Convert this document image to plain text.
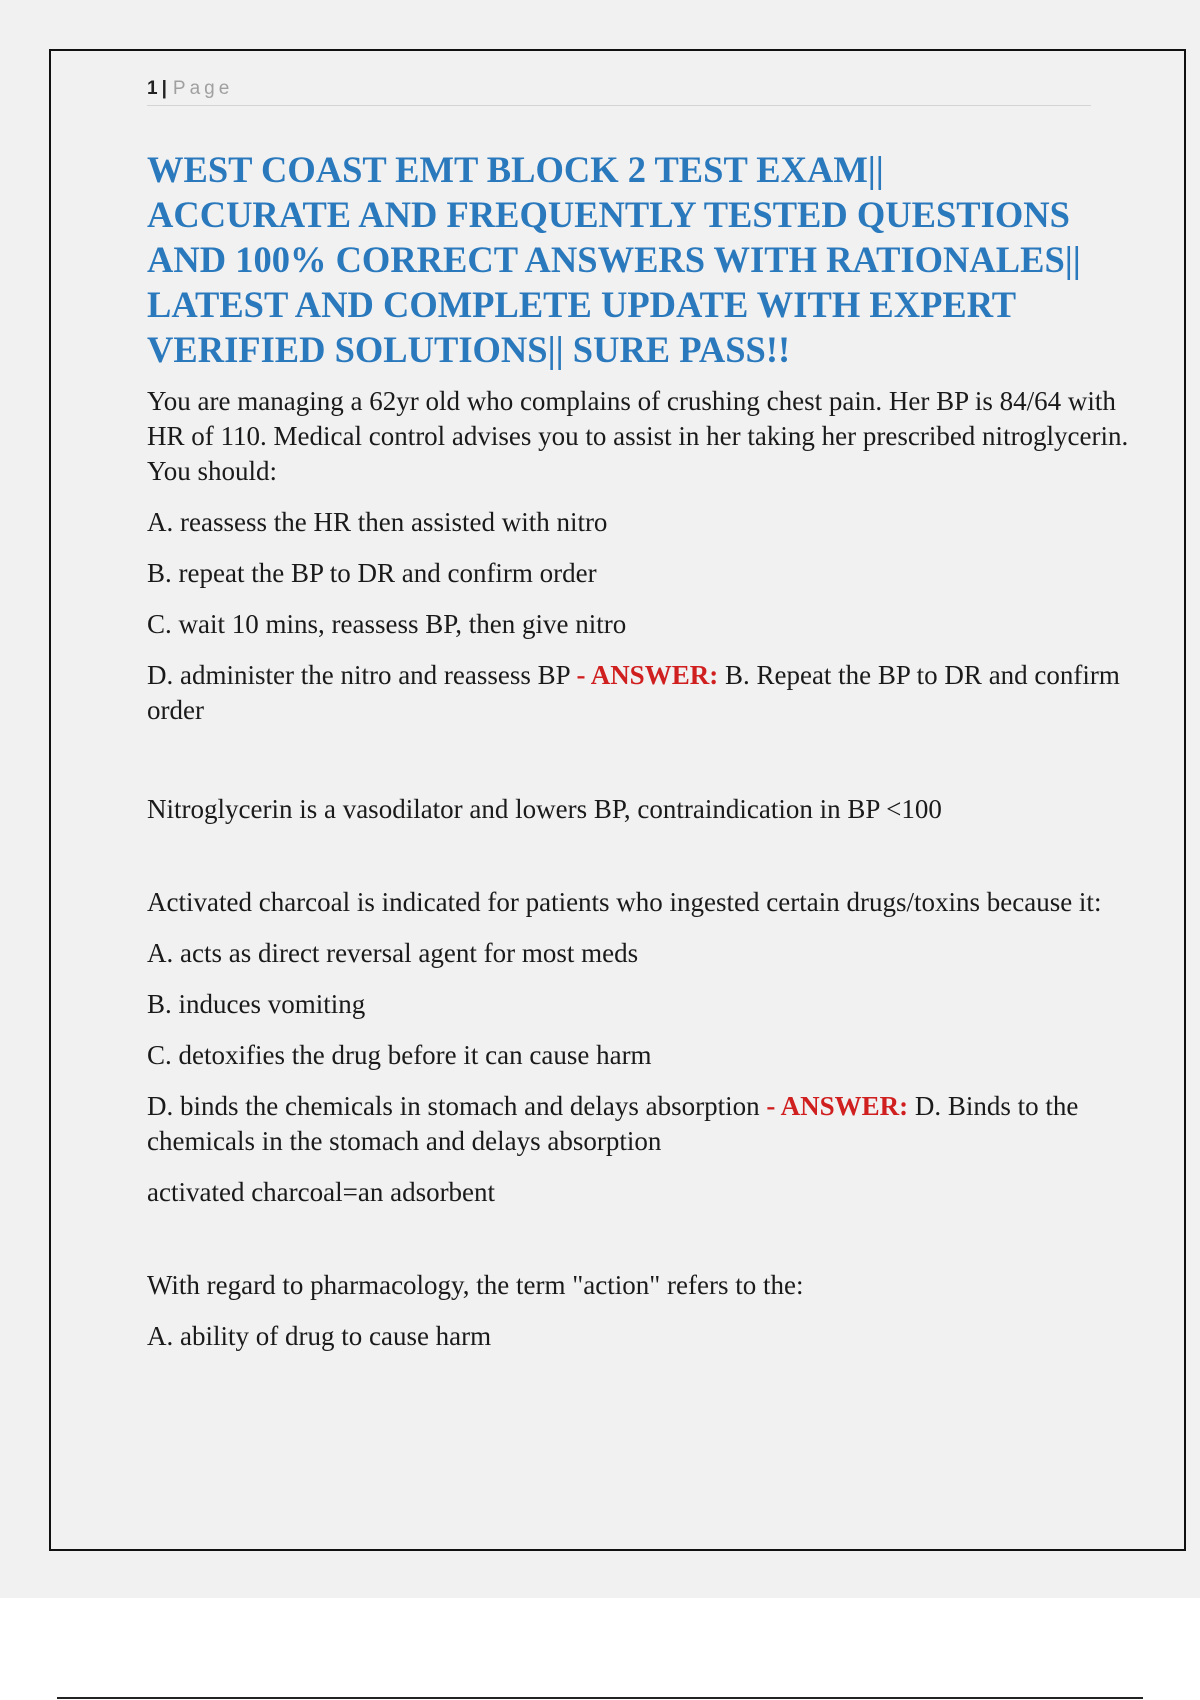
1 | Page
WEST COAST EMT BLOCK 2 TEST EXAM||
ACCURATE AND FREQUENTLY TESTED QUESTIONS
AND 100% CORRECT ANSWERS WITH RATIONALES||
LATEST AND COMPLETE UPDATE WITH EXPERT
VERIFIED SOLUTIONS|| SURE PASS!!

You are managing a 62yr old who complains of crushing chest pain. Her BP is 84/64 with HR of 110. Medical control advises you to assist in her taking her prescribed nitroglycerin. You should:

A. reassess the HR then assisted with nitro

B. repeat the BP to DR and confirm order

C. wait 10 mins, reassess BP, then give nitro

D. administer the nitro and reassess BP - ANSWER: B. Repeat the BP to DR and confirm order

Nitroglycerin is a vasodilator and lowers BP, contraindication in BP <100

Activated charcoal is indicated for patients who ingested certain drugs/toxins because it:

A. acts as direct reversal agent for most meds

B. induces vomiting

C. detoxifies the drug before it can cause harm

D. binds the chemicals in stomach and delays absorption - ANSWER: D. Binds to the chemicals in the stomach and delays absorption

activated charcoal=an adsorbent

With regard to pharmacology, the term "action" refers to the:

A. ability of drug to cause harm
